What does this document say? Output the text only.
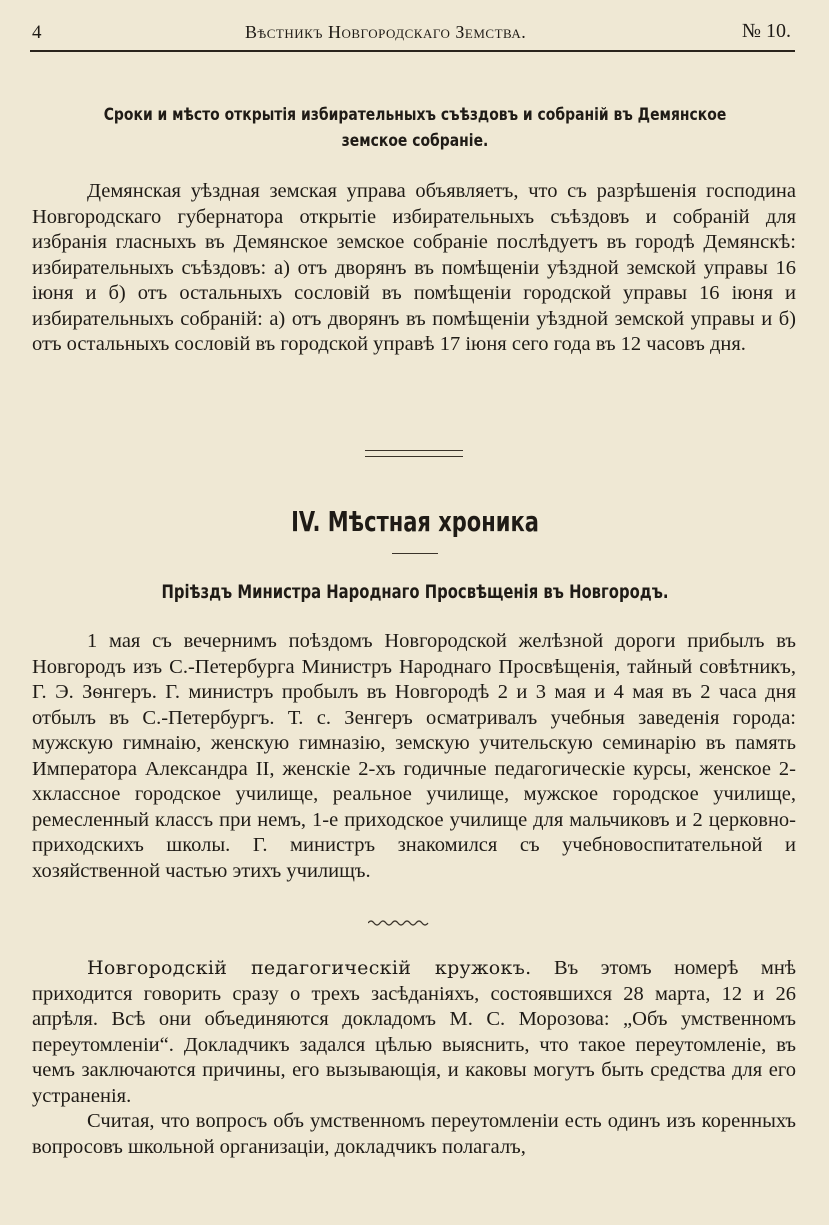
4	Вѣстникъ Новгородскаго Земства.	№ 10.
Сроки и мѣсто открытія избирательныхъ съѣздовъ и собраній въ Демянское земское собраніе.

Демянская уѣздная земская управа объявляетъ, что съ разрѣшенія господина Новгородскаго губернатора открытіе избирательныхъ съѣздовъ и собраній для избранія гласныхъ въ Демянское земское собраніе послѣдуетъ въ городѣ Демянскѣ: избирательныхъ съѣздовъ: а) отъ дворянъ въ помѣщеніи уѣздной земской управы 16 іюня и б) отъ остальныхъ сословій въ помѣщеніи городской управы 16 іюня и избирательныхъ собраній: а) отъ дворянъ въ помѣщеніи уѣздной земской управы и б) отъ остальныхъ сословій въ городской управѣ 17 іюня сего года въ 12 часовъ дня.

IV. Мѣстная хроника
Пріѣздъ Министра Народнаго Просвѣщенія въ Новгородъ.

1 мая съ вечернимъ поѣздомъ Новгородской желѣзной дороги прибылъ въ Новгородъ изъ С.-Петербурга Министръ Народнаго Просвѣщенія, тайный совѣтникъ, Г. Э. Зѳнгеръ. Г. министръ пробылъ въ Новгородѣ 2 и 3 мая и 4 мая въ 2 часа дня отбылъ въ С.-Петербургъ. Т. с. Зенгеръ осматривалъ учебныя заведенія города: мужскую гимнаію, женскую гимназію, земскую учительскую семинарію въ память Императора Александра II, женскіе 2-хъ годичные педагогическіе курсы, женское 2-хклассное городское училище, реальное училище, мужское городское училище, ремесленный классъ при немъ, 1-е приходское училище для мальчиковъ и 2 церковно-приходскихъ школы. Г. министръ знакомился съ учебновоспитательной и хозяйственной частью этихъ училищъ.

Новгородскій педагогическій кружокъ. Въ этомъ номерѣ мнѣ приходится говорить сразу о трехъ засѣданіяхъ, состоявшихся 28 марта, 12 и 26 апрѣля. Всѣ они объединяются докладомъ М. С. Морозова: „Объ умственномъ переутомленіи“. Докладчикъ задался цѣлью выяснить, что такое переутомленіе, въ чемъ заключаются причины, его вызывающія, и каковы могутъ быть средства для его устраненія.

Считая, что вопросъ объ умственномъ переутомленіи есть одинъ изъ коренныхъ вопросовъ школьной организаціи, докладчикъ полагалъ,
